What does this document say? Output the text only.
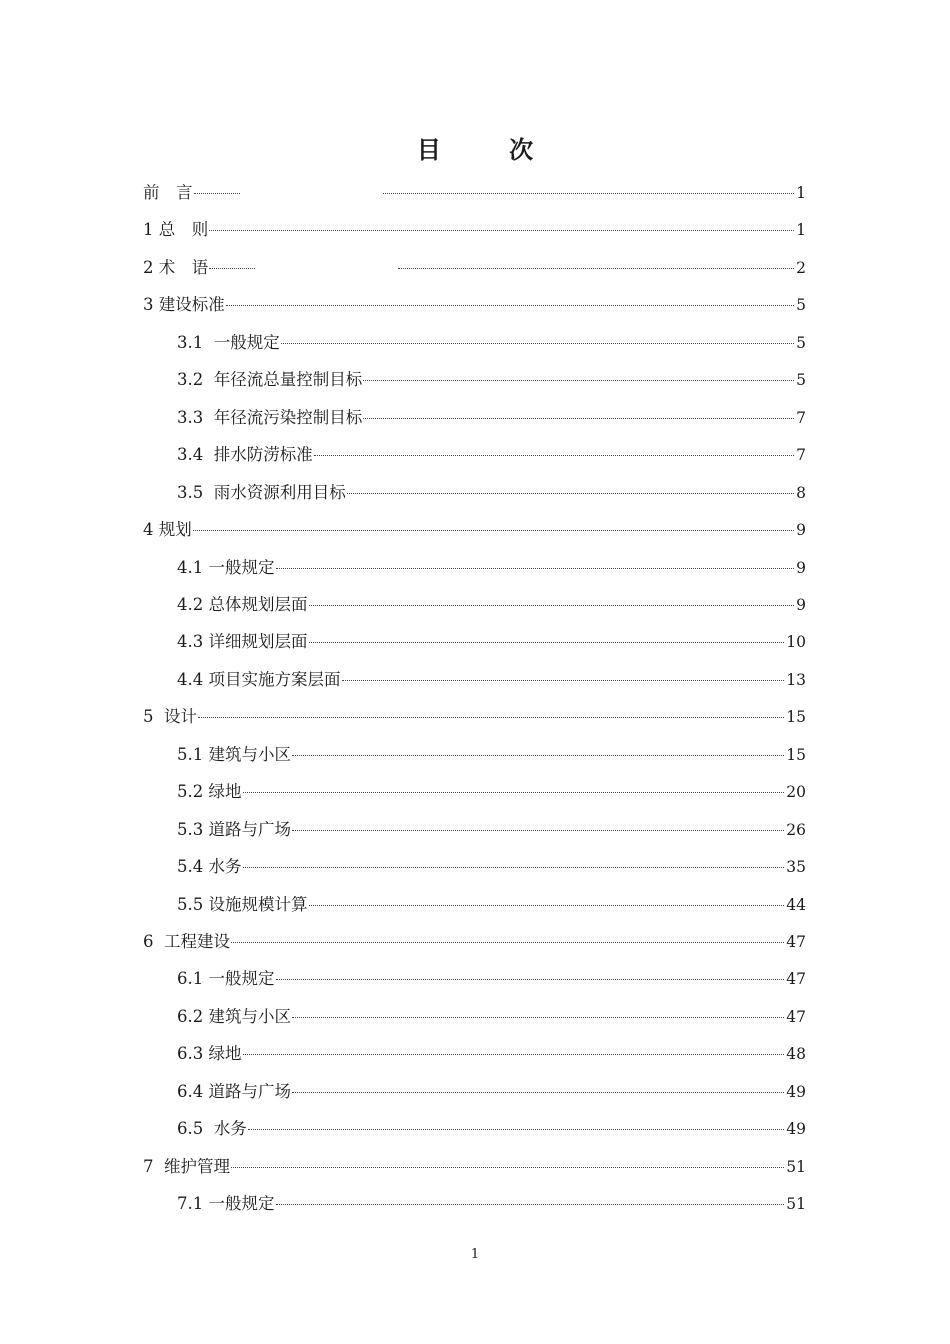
目 次
前　言	1
1 总　则	1
2 术　语	2
3 建设标准	5
3.1  一般规定	5
3.2  年径流总量控制目标	5
3.3  年径流污染控制目标	7
3.4  排水防涝标准	7
3.5  雨水资源利用目标	8
4 规划	9
4.1 一般规定	9
4.2 总体规划层面	9
4.3 详细规划层面	10
4.4 项目实施方案层面	13
5  设计	15
5.1 建筑与小区	15
5.2 绿地	20
5.3 道路与广场	26
5.4 水务	35
5.5 设施规模计算	44
6  工程建设	47
6.1 一般规定	47
6.2 建筑与小区	47
6.3 绿地	48
6.4 道路与广场	49
6.5  水务	49
7  维护管理	51
7.1 一般规定	51
1
